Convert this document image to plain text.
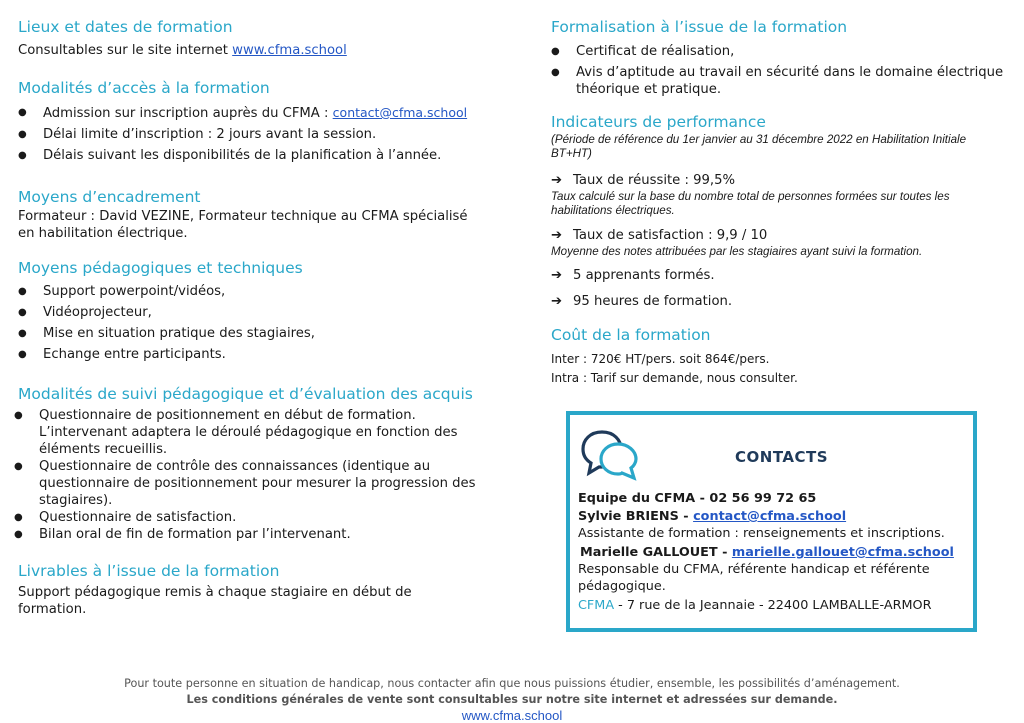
Lieux et dates de formation
Consultables sur le site internet www.cfma.school
Modalités d’accès à la formation
● Admission sur inscription auprès du CFMA : contact@cfma.school
● Délai limite d’inscription : 2 jours avant la session.
● Délais suivant les disponibilités de la planification à l’année.
Moyens d’encadrement
Formateur : David VEZINE, Formateur technique au CFMA spécialisé
en habilitation électrique.
Moyens pédagogiques et techniques
● Support powerpoint/vidéos,
● Vidéoprojecteur,
● Mise en situation pratique des stagiaires,
● Echange entre participants.
Modalités de suivi pédagogique et d’évaluation des acquis
● Questionnaire de positionnement en début de formation.
L’intervenant adaptera le déroulé pédagogique en fonction des
éléments recueillis.
● Questionnaire de contrôle des connaissances (identique au
questionnaire de positionnement pour mesurer la progression des
stagiaires).
● Questionnaire de satisfaction.
● Bilan oral de fin de formation par l’intervenant.
Livrables à l’issue de la formation
Support pédagogique remis à chaque stagiaire en début de
formation.
Formalisation à l’issue de la formation
● Certificat de réalisation,
● Avis d’aptitude au travail en sécurité dans le domaine électrique
théorique et pratique.
Indicateurs de performance
(Période de référence du 1er janvier au 31 décembre 2022 en Habilitation Initiale
BT+HT)
➔ Taux de réussite : 99,5%
Taux calculé sur la base du nombre total de personnes formées sur toutes les
habilitations électriques.
➔ Taux de satisfaction : 9,9 / 10
Moyenne des notes attribuées par les stagiaires ayant suivi la formation.
➔ 5 apprenants formés.
➔ 95 heures de formation.
Coût de la formation
Inter : 720€ HT/pers. soit 864€/pers.
Intra : Tarif sur demande, nous consulter.
CONTACTS
Equipe du CFMA - 02 56 99 72 65
Sylvie BRIENS - contact@cfma.school
Assistante de formation : renseignements et inscriptions.
Marielle GALLOUET - marielle.gallouet@cfma.school
Responsable du CFMA, référente handicap et référente
pédagogique.
CFMA - 7 rue de la Jeannaie - 22400 LAMBALLE-ARMOR
Pour toute personne en situation de handicap, nous contacter afin que nous puissions étudier, ensemble, les possibilités d’aménagement.
Les conditions générales de vente sont consultables sur notre site internet et adressées sur demande.
www.cfma.school
